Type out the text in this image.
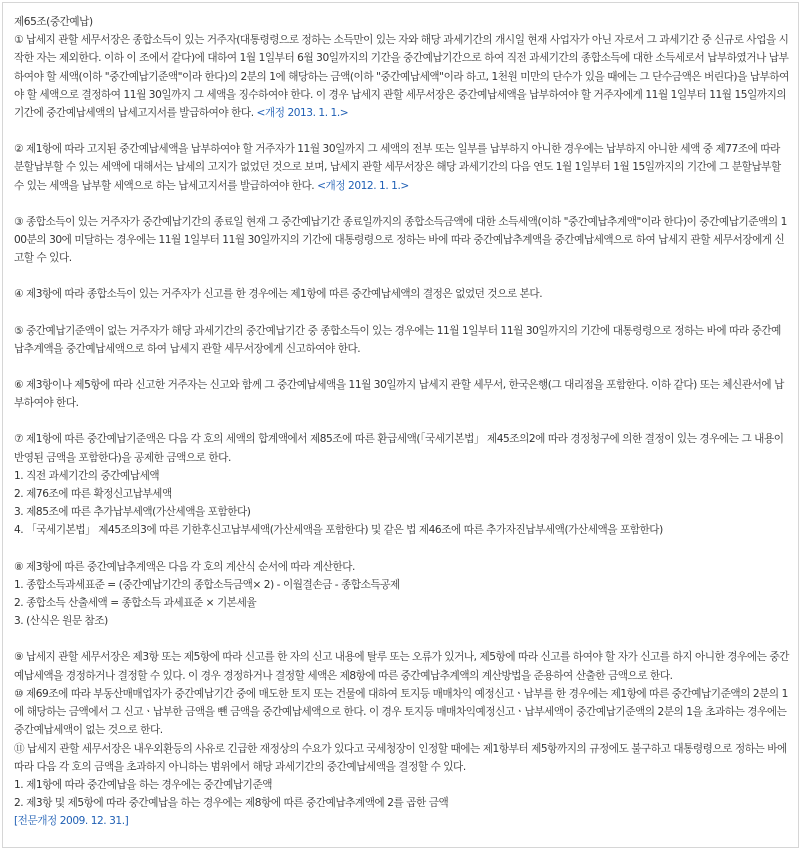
제65조(중간예납)

① 납세지 관할 세무서장은 종합소득이 있는 거주자(대통령령으로 정하는 소득만이 있는 자와 해당 과세기간의 개시일 현재 사업자가 아닌 자로서 그 과세기간 중 신규로 사업을 시작한 자는 제외한다. 이하 이 조에서 같다)에 대하여 1월 1일부터 6월 30일까지의 기간을 중간예납기간으로 하여 직전 과세기간의 종합소득에 대한 소득세로서 납부하였거나 납부하여야 할 세액(이하 "중간예납기준액"이라 한다)의 2분의 1에 해당하는 금액(이하 "중간예납세액"이라 하고, 1천원 미만의 단수가 있을 때에는 그 단수금액은 버린다)을 납부하여야 할 세액으로 결정하여 11월 30일까지 그 세액을 징수하여야 한다. 이 경우 납세지 관할 세무서장은 중간예납세액을 납부하여야 할 거주자에게 11월 1일부터 11월 15일까지의 기간에 중간예납세액의 납세고지서를 발급하여야 한다. <개정 2013. 1. 1.>

② 제1항에 따라 고지된 중간예납세액을 납부하여야 할 거주자가 11월 30일까지 그 세액의 전부 또는 일부를 납부하지 아니한 경우에는 납부하지 아니한 세액 중 제77조에 따라 분할납부할 수 있는 세액에 대해서는 납세의 고지가 없었던 것으로 보며, 납세지 관할 세무서장은 해당 과세기간의 다음 연도 1월 1일부터 1월 15일까지의 기간에 그 분할납부할 수 있는 세액을 납부할 세액으로 하는 납세고지서를 발급하여야 한다. <개정 2012. 1. 1.>

③ 종합소득이 있는 거주자가 중간예납기간의 종료일 현재 그 중간예납기간 종료일까지의 종합소득금액에 대한 소득세액(이하 "중간예납추계액"이라 한다)이 중간예납기준액의 100분의 30에 미달하는 경우에는 11월 1일부터 11월 30일까지의 기간에 대통령령으로 정하는 바에 따라 중간예납추계액을 중간예납세액으로 하여 납세지 관할 세무서장에게 신고할 수 있다.

④ 제3항에 따라 종합소득이 있는 거주자가 신고를 한 경우에는 제1항에 따른 중간예납세액의 결정은 없었던 것으로 본다.

⑤ 중간예납기준액이 없는 거주자가 해당 과세기간의 중간예납기간 중 종합소득이 있는 경우에는 11월 1일부터 11월 30일까지의 기간에 대통령령으로 정하는 바에 따라 중간예납추계액을 중간예납세액으로 하여 납세지 관할 세무서장에게 신고하여야 한다.

⑥ 제3항이나 제5항에 따라 신고한 거주자는 신고와 함께 그 중간예납세액을 11월 30일까지 납세지 관할 세무서, 한국은행(그 대리점을 포함한다. 이하 같다) 또는 체신관서에 납부하여야 한다.

⑦ 제1항에 따른 중간예납기준액은 다음 각 호의 세액의 합계액에서 제85조에 따른 환급세액(「국세기본법」 제45조의2에 따라 경정청구에 의한 결정이 있는 경우에는 그 내용이 반영된 금액을 포함한다)을 공제한 금액으로 한다.

1. 직전 과세기간의 중간예납세액
2. 제76조에 따른 확정신고납부세액
3. 제85조에 따른 추가납부세액(가산세액을 포함한다)
4. 「국세기본법」 제45조의3에 따른 기한후신고납부세액(가산세액을 포함한다) 및 같은 법 제46조에 따른 추가자진납부세액(가산세액을 포함한다)

⑧ 제3항에 따른 중간예납추계액은 다음 각 호의 계산식 순서에 따라 계산한다.

1. 종합소득과세표준 = (중간예납기간의 종합소득금액× 2) - 이월결손금 - 종합소득공제
2. 종합소득 산출세액 = 종합소득 과세표준 × 기본세율
3. (산식은 원문 참조)

⑨ 납세지 관할 세무서장은 제3항 또는 제5항에 따라 신고를 한 자의 신고 내용에 탈루 또는 오류가 있거나, 제5항에 따라 신고를 하여야 할 자가 신고를 하지 아니한 경우에는 중간예납세액을 경정하거나 결정할 수 있다. 이 경우 경정하거나 결정할 세액은 제8항에 따른 중간예납추계액의 계산방법을 준용하여 산출한 금액으로 한다.

⑩ 제69조에 따라 부동산매매업자가 중간예납기간 중에 매도한 토지 또는 건물에 대하여 토지등 매매차익 예정신고ㆍ납부를 한 경우에는 제1항에 따른 중간예납기준액의 2분의 1에 해당하는 금액에서 그 신고ㆍ납부한 금액을 뺀 금액을 중간예납세액으로 한다. 이 경우 토지등 매매차익예정신고ㆍ납부세액이 중간예납기준액의 2분의 1을 초과하는 경우에는 중간예납세액이 없는 것으로 한다.

⑪ 납세지 관할 세무서장은 내우외환등의 사유로 긴급한 재정상의 수요가 있다고 국세청장이 인정할 때에는 제1항부터 제5항까지의 규정에도 불구하고 대통령령으로 정하는 바에 따라 다음 각 호의 금액을 초과하지 아니하는 범위에서 해당 과세기간의 중간예납세액을 결정할 수 있다.

1. 제1항에 따라 중간예납을 하는 경우에는 중간예납기준액
2. 제3항 및 제5항에 따라 중간예납을 하는 경우에는 제8항에 따른 중간예납추계액에 2를 곱한 금액
[전문개정 2009. 12. 31.]
